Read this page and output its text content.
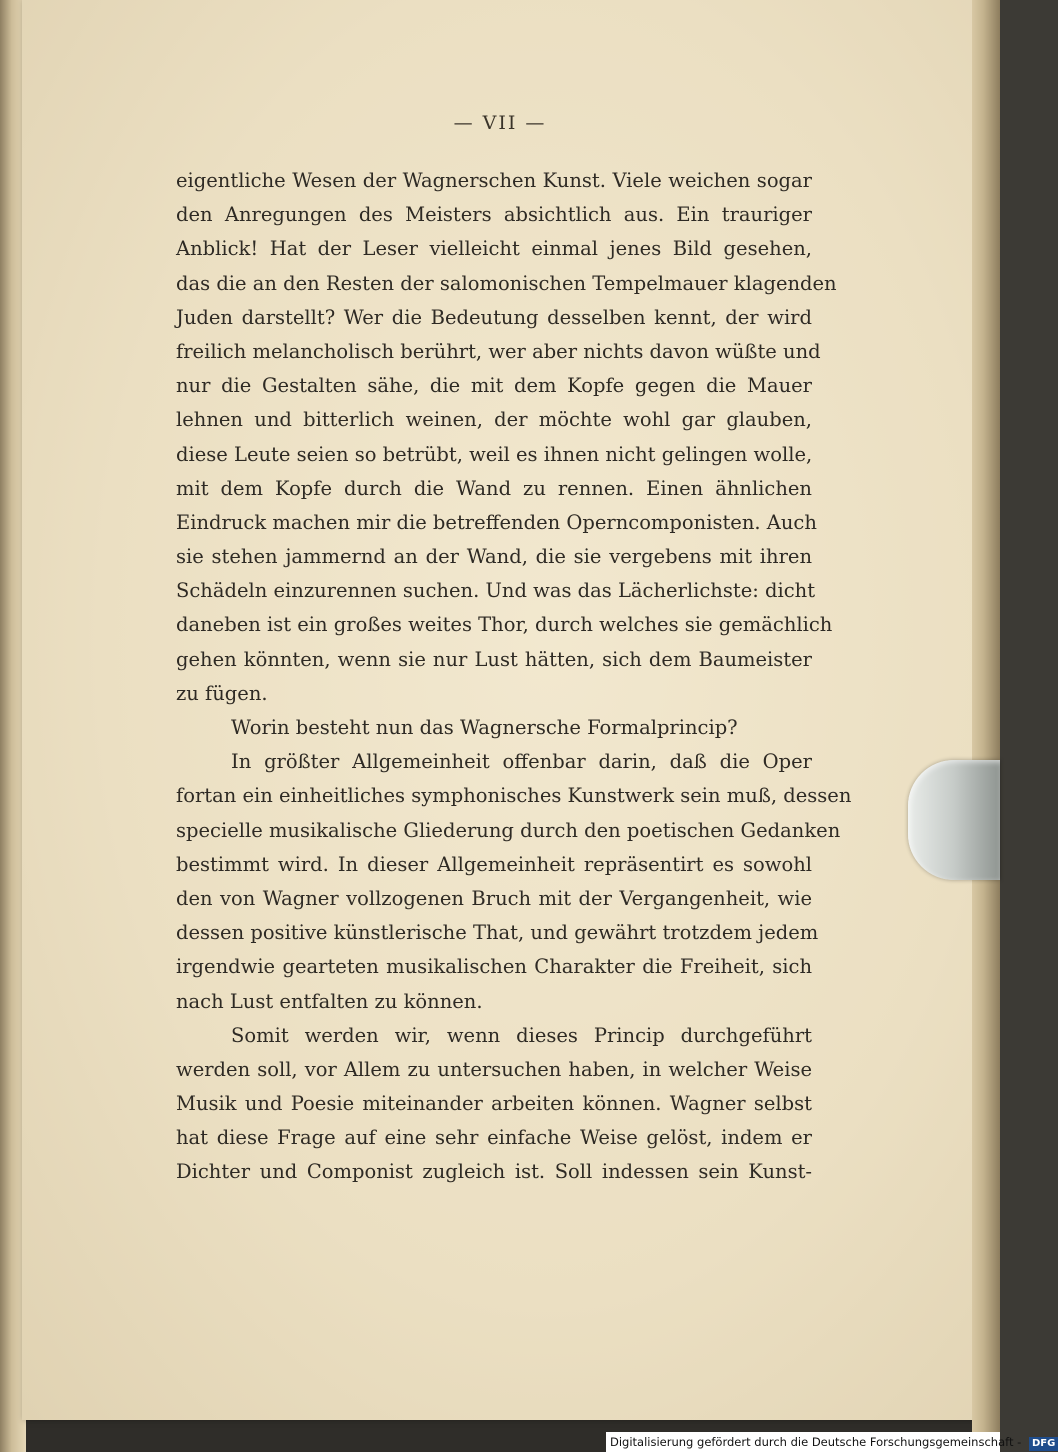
— VII —
eigentliche Wesen der Wagnerschen Kunst. Viele weichen sogar
den Anregungen des Meisters absichtlich aus. Ein trauriger
Anblick! Hat der Leser vielleicht einmal jenes Bild gesehen,
das die an den Resten der salomonischen Tempelmauer klagenden
Juden darstellt? Wer die Bedeutung desselben kennt, der wird
freilich melancholisch berührt, wer aber nichts davon wüßte und
nur die Gestalten sähe, die mit dem Kopfe gegen die Mauer
lehnen und bitterlich weinen, der möchte wohl gar glauben,
diese Leute seien so betrübt, weil es ihnen nicht gelingen wolle,
mit dem Kopfe durch die Wand zu rennen. Einen ähnlichen
Eindruck machen mir die betreffenden Operncomponisten. Auch
sie stehen jammernd an der Wand, die sie vergebens mit ihren
Schädeln einzurennen suchen. Und was das Lächerlichste: dicht
daneben ist ein großes weites Thor, durch welches sie gemächlich
gehen könnten, wenn sie nur Lust hätten, sich dem Baumeister
zu fügen.
Worin besteht nun das Wagnersche Formalprincip?
In größter Allgemeinheit offenbar darin, daß die Oper
fortan ein einheitliches symphonisches Kunstwerk sein muß, dessen
specielle musikalische Gliederung durch den poetischen Gedanken
bestimmt wird. In dieser Allgemeinheit repräsentirt es sowohl
den von Wagner vollzogenen Bruch mit der Vergangenheit, wie
dessen positive künstlerische That, und gewährt trotzdem jedem
irgendwie gearteten musikalischen Charakter die Freiheit, sich
nach Lust entfalten zu können.
Somit werden wir, wenn dieses Princip durchgeführt
werden soll, vor Allem zu untersuchen haben, in welcher Weise
Musik und Poesie miteinander arbeiten können. Wagner selbst
hat diese Frage auf eine sehr einfache Weise gelöst, indem er
Dichter und Componist zugleich ist. Soll indessen sein Kunst-
Digitalisierung gefördert durch die Deutsche Forschungsgemeinschaft - DFG
